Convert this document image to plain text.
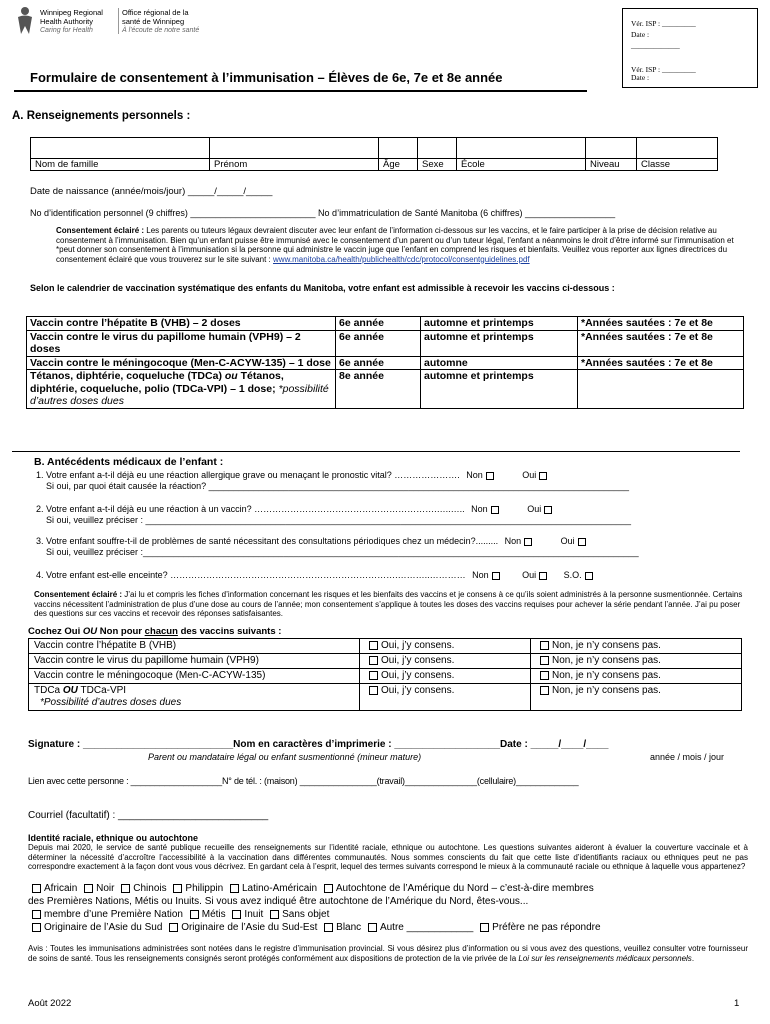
Winnipeg Regional
Health Authority
Caring for Health
Office régional de la
santé de Winnipeg
À l'écoute de notre santé
Vér. ISP : _________
Date :
_____________
Vér. ISP : _________
Date :
Formulaire de consentement à l’immunisation – Élèves de 6e, 7e et 8e année
A. Renseignements personnels :

Nom de famille	Prénom	Âge	Sexe	École	Niveau	Classe
Date de naissance (année/mois/jour) _____/_____/_____
No d’identification personnel (9 chiffres) _________________________ No d’immatriculation de Santé Manitoba (6 chiffres) __________________
Consentement éclairé : Les parents ou tuteurs légaux devraient discuter avec leur enfant de l’information ci-dessous sur les vaccins, et le faire participer à la prise de décision relative au consentement à l’immunisation. Bien qu’un enfant puisse être immunisé avec le consentement d’un parent ou d’un tuteur légal, l’enfant a néanmoins le droit d’être informé sur l’immunisation et *peut donner son consentement à l’immunisation si la personne qui administre le vaccin juge que l’enfant en comprend les risques et bienfaits. Veuillez vous reporter aux lignes directrices du consentement éclairé que vous trouverez sur le site suivant : www.manitoba.ca/health/publichealth/cdc/protocol/consentguidelines.pdf
Selon le calendrier de vaccination systématique des enfants du Manitoba, votre enfant est admissible à recevoir les vaccins ci-dessous :
Vaccin contre l’hépatite B (VHB) – 2 doses	6e année	automne et printemps	*Années sautées : 7e et 8e
Vaccin contre le virus du papillome humain (VPH9) – 2 doses	6e année	automne et printemps	*Années sautées : 7e et 8e
Vaccin contre le méningocoque (Men-C-ACYW-135) – 1 dose	6e année	automne	*Années sautées : 7e et 8e
Tétanos, diphtérie, coqueluche (TDCa) ou Tétanos, diphtérie, coqueluche, polio (TDCa-VPI) – 1 dose; *possibilité d’autres doses dues	8e année	automne et printemps	
B. Antécédents médicaux de l’enfant :
1. Votre enfant a-t-il déjà eu une réaction allergique grave ou menaçant le pronostic vital? …………………. Non	Oui
Si oui, par quoi était causée la réaction? ____________________________________________________________________________________
2. Votre enfant a-t-il déjà eu une réaction à un vaccin? …………………………………………………….…..….. Non	Oui
Si oui, veuillez préciser : _________________________________________________________________________________________________
3. Votre enfant souffre-t-il de problèmes de santé nécessitant des consultations périodiques chez un médecin?......... Non	Oui
Si oui, veuillez préciser :___________________________________________________________________________________________________
4. Votre enfant est-elle enceinte? ………………………………………………………………….………..………… Non	Oui	S.O.
Consentement éclairé : J’ai lu et compris les fiches d’information concernant les risques et les bienfaits des vaccins et je consens à ce qu’ils soient administrés à la personne susmentionnée. Certains vaccins nécessitent l’administration de plus d’une dose au cours de l’année; mon consentement s’applique à toutes les doses des vaccins requises pour achever la série pendant l’année. J’ai pu poser des questions sur ces vaccins et recevoir des réponses satisfaisantes.
Cochez Oui OU Non pour chacun des vaccins suivants :
Vaccin contre l’hépatite B (VHB)	Oui, j’y consens.	Non, je n’y consens pas.
Vaccin contre le virus du papillome humain (VPH9)	Oui, j’y consens.	Non, je n’y consens pas.
Vaccin contre le méningocoque (Men-C-ACYW-135)	Oui, j’y consens.	Non, je n’y consens pas.
TDCa OU TDCa-VPI
*Possibilité d’autres doses dues	Oui, j’y consens.	Non, je n’y consens pas.
Signature : ___________________________Nom en caractères d’imprimerie : ___________________Date : _____/____/____
Parent ou mandataire légal ou enfant susmentionné (mineur mature)	année / mois / jour
Lien avec cette personne : ___________________N° de tél. : (maison) ________________(travail)_______________(cellulaire)_____________
Courriel (facultatif) : ___________________________
Identité raciale, ethnique ou autochtone
Depuis mai 2020, le service de santé publique recueille des renseignements sur l’identité raciale, ethnique ou autochtone. Les questions suivantes aideront à évaluer la couverture vaccinale et à déterminer la nécessité d’accroître l’accessibilité à la vaccination dans différentes communautés. Nous sommes conscients du fait que cette liste d’identifiants raciaux ou ethniques peut ne pas correspondre exactement à la façon dont vous vous décrivez. En gardant cela à l’esprit, lequel des termes suivants correspond le mieux à la communauté raciale ou ethnique à laquelle vous appartenez?
Africain Noir Chinois Philippin Latino-Américain Autochtone de l’Amérique du Nord – c’est-à-dire membres
des Premières Nations, Métis ou Inuits. Si vous avez indiqué être autochtone de l’Amérique du Nord, êtes-vous...
membre d’une Première Nation Métis Inuit Sans objet
Originaire de l’Asie du Sud Originaire de l’Asie du Sud-Est Blanc Autre ____________ Préfère ne pas répondre
Avis : Toutes les immunisations administrées sont notées dans le registre d’immunisation provincial. Si vous désirez plus d’information ou si vous avez des questions, veuillez consulter votre fournisseur de soins de santé. Tous les renseignements consignés seront protégés conformément aux dispositions de protection de la vie privée de la Loi sur les renseignements médicaux personnels.
Août 2022	1
